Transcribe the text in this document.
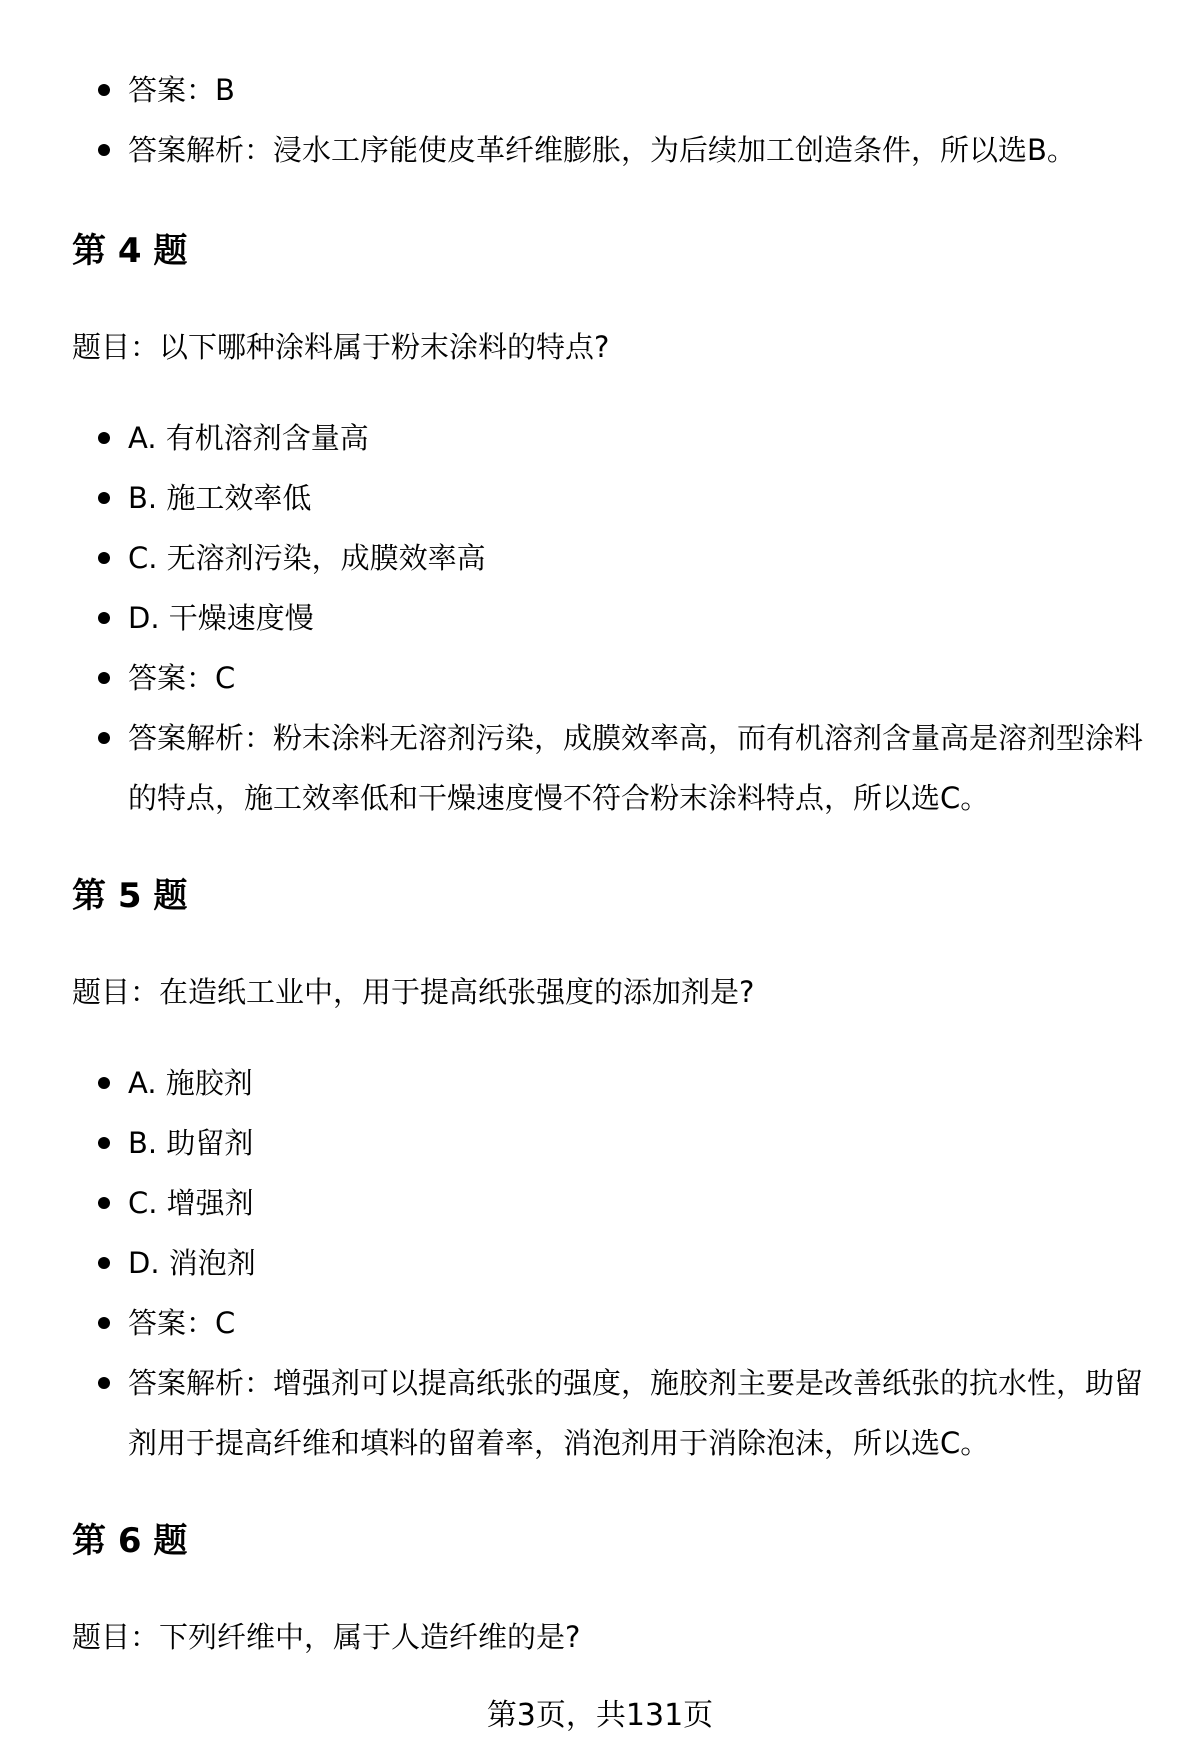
答案：B
答案解析：浸水工序能使皮革纤维膨胀，为后续加工创造条件，所以选B。
第 4 题

题目：以下哪种涂料属于粉末涂料的特点?

A. 有机溶剂含量高
B. 施工效率低
C. 无溶剂污染，成膜效率高
D. 干燥速度慢
答案：C
答案解析：粉末涂料无溶剂污染，成膜效率高，而有机溶剂含量高是溶剂型涂料的特点，施工效率低和干燥速度慢不符合粉末涂料特点，所以选C。
第 5 题

题目：在造纸工业中，用于提高纸张强度的添加剂是?

A. 施胶剂
B. 助留剂
C. 增强剂
D. 消泡剂
答案：C
答案解析：增强剂可以提高纸张的强度，施胶剂主要是改善纸张的抗水性，助留剂用于提高纤维和填料的留着率，消泡剂用于消除泡沫，所以选C。
第 6 题

题目：下列纤维中，属于人造纤维的是?

第3页，共131页
